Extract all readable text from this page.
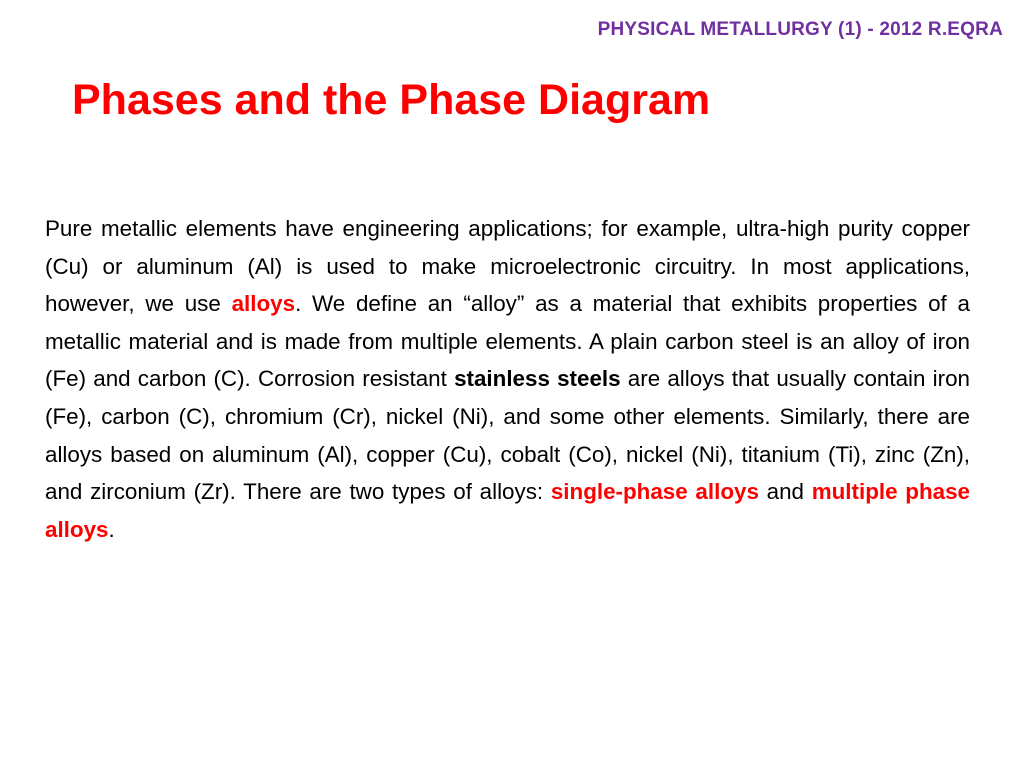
PHYSICAL METALLURGY (1) - 2012 R.EQRA
Phases and the Phase Diagram

Pure metallic elements have engineering applications; for example, ultra-high purity copper (Cu) or aluminum (Al) is used to make microelectronic circuitry. In most applications, however, we use alloys. We define an “alloy” as a material that exhibits properties of a metallic material and is made from multiple elements. A plain carbon steel is an alloy of iron (Fe) and carbon (C). Corrosion resistant stainless steels are alloys that usually contain iron (Fe), carbon (C), chromium (Cr), nickel (Ni), and some other elements. Similarly, there are alloys based on aluminum (Al), copper (Cu), cobalt (Co), nickel (Ni), titanium (Ti), zinc (Zn), and zirconium (Zr). There are two types of alloys: single-phase alloys and multiple phase alloys.
